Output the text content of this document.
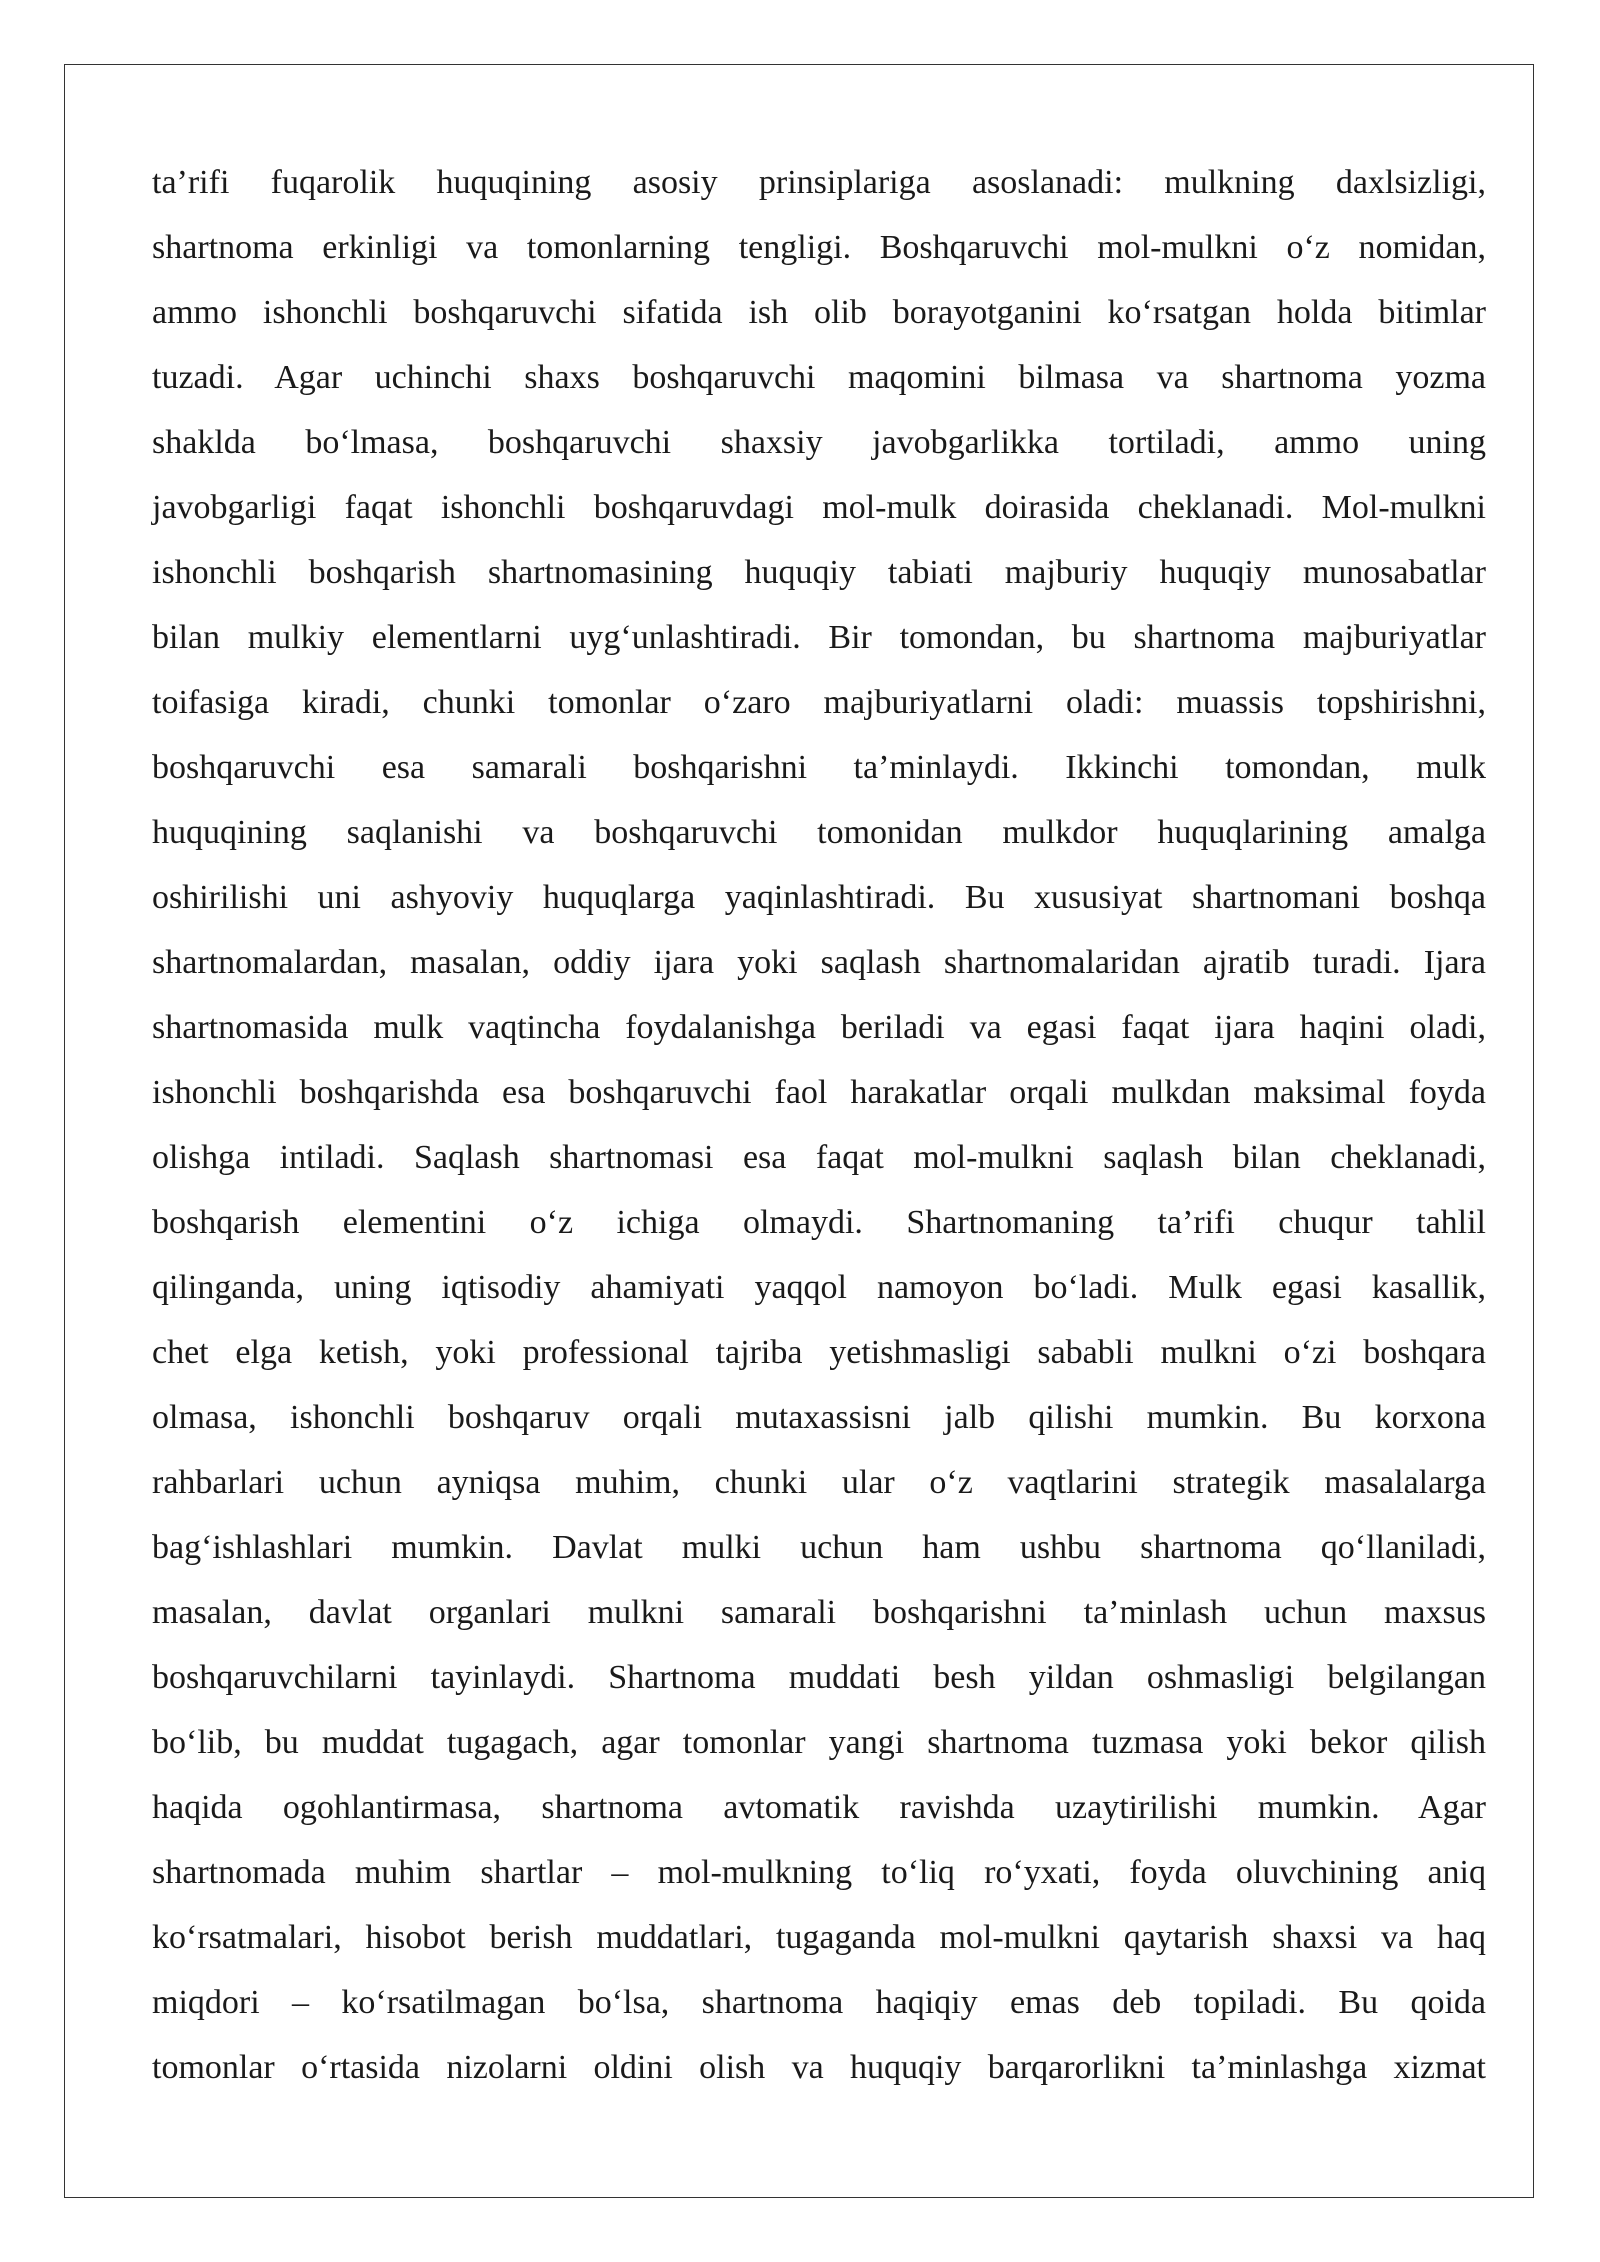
ta’rifi fuqarolik huquqining asosiy prinsiplariga asoslanadi: mulkning daxlsizligi,
shartnoma erkinligi va tomonlarning tengligi. Boshqaruvchi mol-mulkni o‘z nomidan,
ammo ishonchli boshqaruvchi sifatida ish olib borayotganini ko‘rsatgan holda bitimlar
tuzadi. Agar uchinchi shaxs boshqaruvchi maqomini bilmasa va shartnoma yozma
shaklda bo‘lmasa, boshqaruvchi shaxsiy javobgarlikka tortiladi, ammo uning
javobgarligi faqat ishonchli boshqaruvdagi mol-mulk doirasida cheklanadi. Mol-mulkni
ishonchli boshqarish shartnomasining huquqiy tabiati majburiy huquqiy munosabatlar
bilan mulkiy elementlarni uyg‘unlashtiradi. Bir tomondan, bu shartnoma majburiyatlar
toifasiga kiradi, chunki tomonlar o‘zaro majburiyatlarni oladi: muassis topshirishni,
boshqaruvchi esa samarali boshqarishni ta’minlaydi. Ikkinchi tomondan, mulk
huquqining saqlanishi va boshqaruvchi tomonidan mulkdor huquqlarining amalga
oshirilishi uni ashyoviy huquqlarga yaqinlashtiradi. Bu xususiyat shartnomani boshqa
shartnomalardan, masalan, oddiy ijara yoki saqlash shartnomalaridan ajratib turadi. Ijara
shartnomasida mulk vaqtincha foydalanishga beriladi va egasi faqat ijara haqini oladi,
ishonchli boshqarishda esa boshqaruvchi faol harakatlar orqali mulkdan maksimal foyda
olishga intiladi. Saqlash shartnomasi esa faqat mol-mulkni saqlash bilan cheklanadi,
boshqarish elementini o‘z ichiga olmaydi. Shartnomaning ta’rifi chuqur tahlil
qilinganda, uning iqtisodiy ahamiyati yaqqol namoyon bo‘ladi. Mulk egasi kasallik,
chet elga ketish, yoki professional tajriba yetishmasligi sababli mulkni o‘zi boshqara
olmasa, ishonchli boshqaruv orqali mutaxassisni jalb qilishi mumkin. Bu korxona
rahbarlari uchun ayniqsa muhim, chunki ular o‘z vaqtlarini strategik masalalarga
bag‘ishlashlari mumkin. Davlat mulki uchun ham ushbu shartnoma qo‘llaniladi,
masalan, davlat organlari mulkni samarali boshqarishni ta’minlash uchun maxsus
boshqaruvchilarni tayinlaydi. Shartnoma muddati besh yildan oshmasligi belgilangan
bo‘lib, bu muddat tugagach, agar tomonlar yangi shartnoma tuzmasa yoki bekor qilish
haqida ogohlantirmasa, shartnoma avtomatik ravishda uzaytirilishi mumkin. Agar
shartnomada muhim shartlar – mol-mulkning to‘liq ro‘yxati, foyda oluvchining aniq
ko‘rsatmalari, hisobot berish muddatlari, tugaganda mol-mulkni qaytarish shaxsi va haq
miqdori – ko‘rsatilmagan bo‘lsa, shartnoma haqiqiy emas deb topiladi. Bu qoida
tomonlar o‘rtasida nizolarni oldini olish va huquqiy barqarorlikni ta’minlashga xizmat
